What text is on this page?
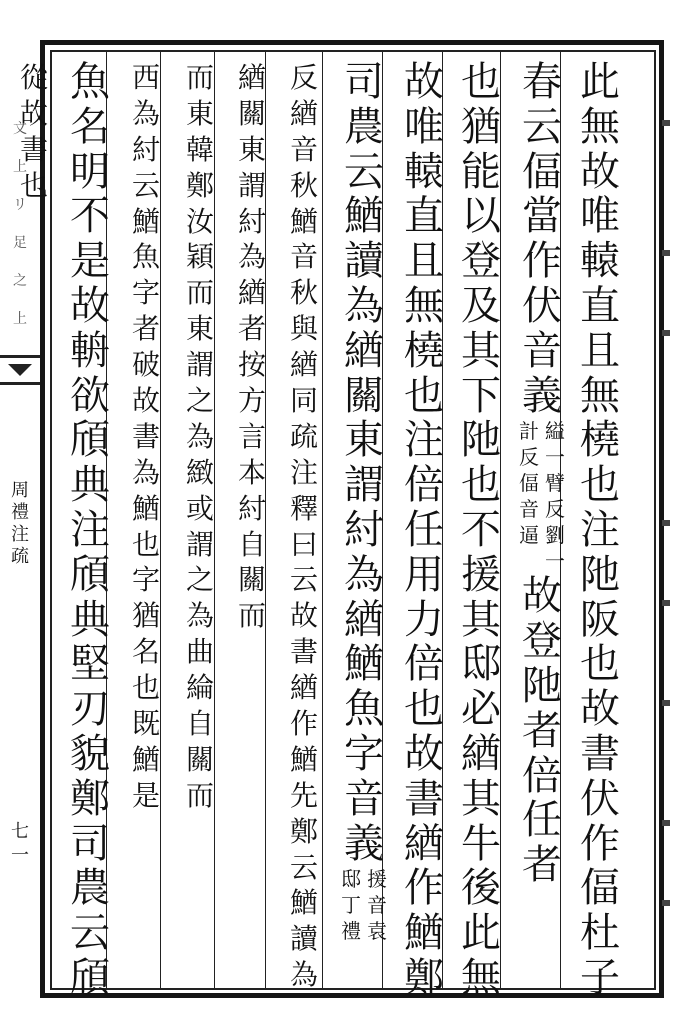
文
上
リ
足
之
上
周
禮
注
疏
七
一
此
無
故
唯
轅
直
且
無
橈
也
注
阤
阪
也
故
書
伏
作
偪
杜
子
春
云
偪
當
作
伏
音
義
縊
一
臂
反
劉
一
計
反
偪
音
逼
故
登
阤
者
倍
任
者
也
猶
能
以
登
及
其
下
阤
也
不
援
其
邸
必
緧
其
牛
後
此
無
故
唯
轅
直
且
無
橈
也
注
倍
任
用
力
倍
也
故
書
緧
作
鰌
鄭
司
農
云
鰌
讀
為
緧
關
東
謂
紂
為
緧
鰌
魚
字
音
義
援
音
袁
邸
丁
禮
反
緧
音
秋
鰌
音
秋
與
緧
同
疏
注
釋
曰
云
故
書
緧
作
鰌
先
鄭
云
鰌
讀
為
緧
關
東
謂
紂
為
緧
者
按
方
言
本
紂
自
關
而
而
東
韓
鄭
汝
穎
而
東
謂
之
為
緻
或
謂
之
為
曲
綸
自
關
而
西
為
紂
云
鰌
魚
字
者
破
故
書
為
鰌
也
字
猶
名
也
既
鰌
是
魚
名
明
不
是
故
輈
欲
頎
典
注
頎
典
堅
刃
貌
鄭
司
農
云
頎
從
故
書
也
